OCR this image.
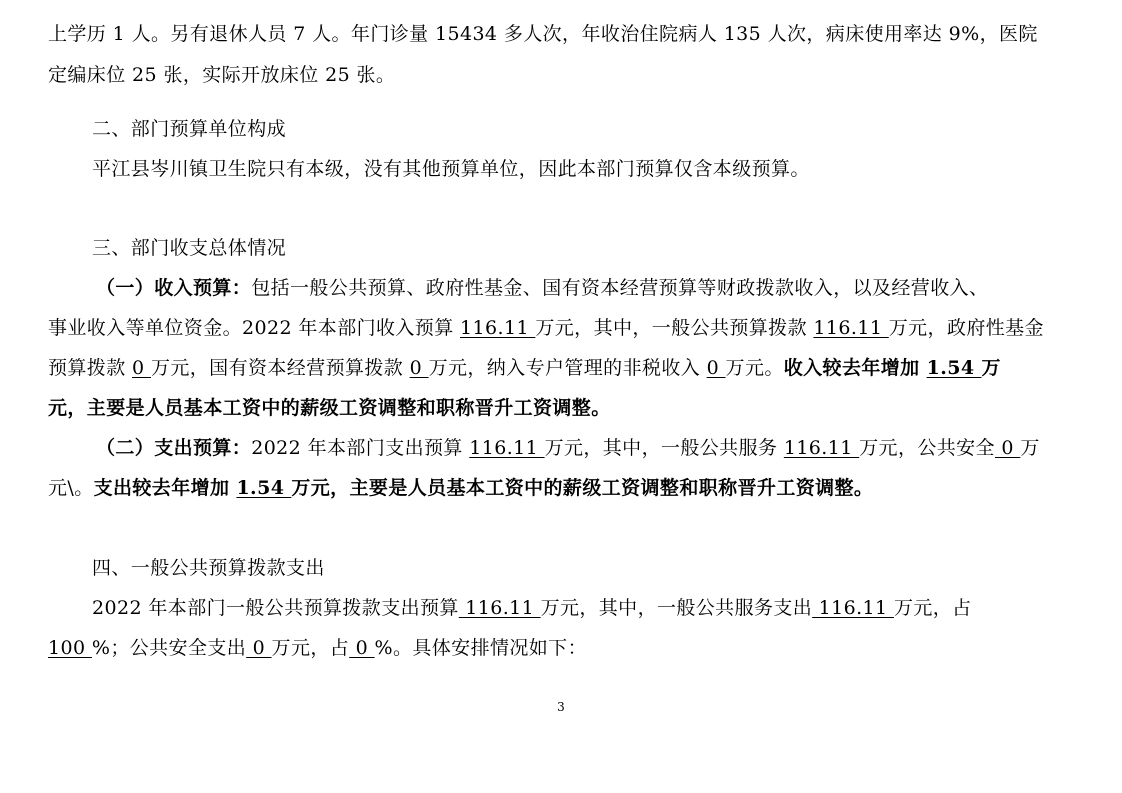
上学历 1 人。另有退休人员 7 人。年门诊量 15434 多人次，年收治住院病人 135 人次，病床使用率达 9%，医院
定编床位 25 张，实际开放床位 25 张。
二、部门预算单位构成
平江县岑川镇卫生院只有本级，没有其他预算单位，因此本部门预算仅含本级预算。
三、部门收支总体情况
（一）收入预算：包括一般公共预算、政府性基金、国有资本经营预算等财政拨款收入，以及经营收入、
事业收入等单位资金。2022 年本部门收入预算 116.11 万元，其中，一般公共预算拨款 116.11 万元，政府性基金
预算拨款 0 万元，国有资本经营预算拨款 0 万元，纳入专户管理的非税收入 0 万元。收入较去年增加 1.54 万
元，主要是人员基本工资中的薪级工资调整和职称晋升工资调整。
（二）支出预算：2022 年本部门支出预算 116.11 万元，其中，一般公共服务 116.11 万元，公共安全 0 万
元\。支出较去年增加 1.54 万元，主要是人员基本工资中的薪级工资调整和职称晋升工资调整。
四、一般公共预算拨款支出
2022 年本部门一般公共预算拨款支出预算 116.11 万元，其中，一般公共服务支出 116.11 万元，占
100 %；公共安全支出 0 万元，占 0 %。具体安排情况如下：
3
